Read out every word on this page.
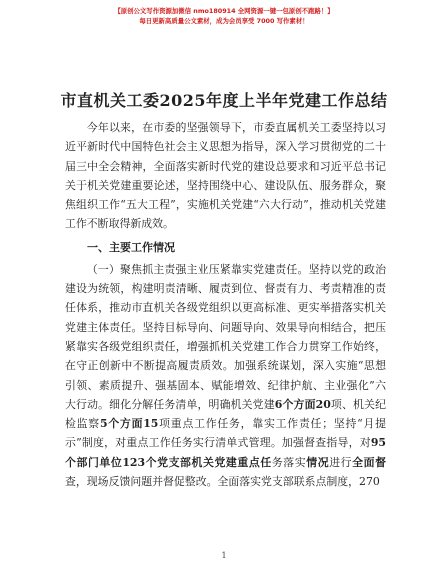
【原创公文写作资源加微信 nmo180914 全网资源一键一包原创不跑路！】
每日更新高质量公文素材，成为会员享受 7000 写作素材！
市直机关工委2025年度上半年党建工作总结

今年以来，在市委的坚强领导下，市委直属机关工委坚持以习近平新时代中国特色社会主义思想为指导，深入学习贯彻党的二十届三中全会精神，全面落实新时代党的建设总要求和习近平总书记关于机关党建重要论述，坚持围绕中心、建设队伍、服务群众，聚焦组织工作“五大工程”，实施机关党建“六大行动”，推动机关党建工作不断取得新成效。

一、主要工作情况

（一）聚焦抓主责强主业压紧靠实党建责任。坚持以党的政治建设为统领，构建明责清晰、履责到位、督责有力、考责精准的责任体系，推动市直机关各级党组织以更高标准、更实举措落实机关党建主体责任。坚持目标导向、问题导向、效果导向相结合，把压紧靠实各级党组织责任，增强抓机关党建工作合力贯穿工作始终，在守正创新中不断提高履责质效。加强系统谋划，深入实施“思想引领、素质提升、强基固本、赋能增效、纪律护航、主业强化”六大行动。细化分解任务清单，明确机关党建6个方面20项、机关纪检监察5个方面15项重点工作任务，靠实工作责任；坚持“月提示”制度，对重点工作任务实行清单式管理。加强督查指导，对95个部门单位123个党支部机关党建重点任务落实情况进行全面督查，现场反馈问题并督促整改。全面落实党支部联系点制度，270

1
